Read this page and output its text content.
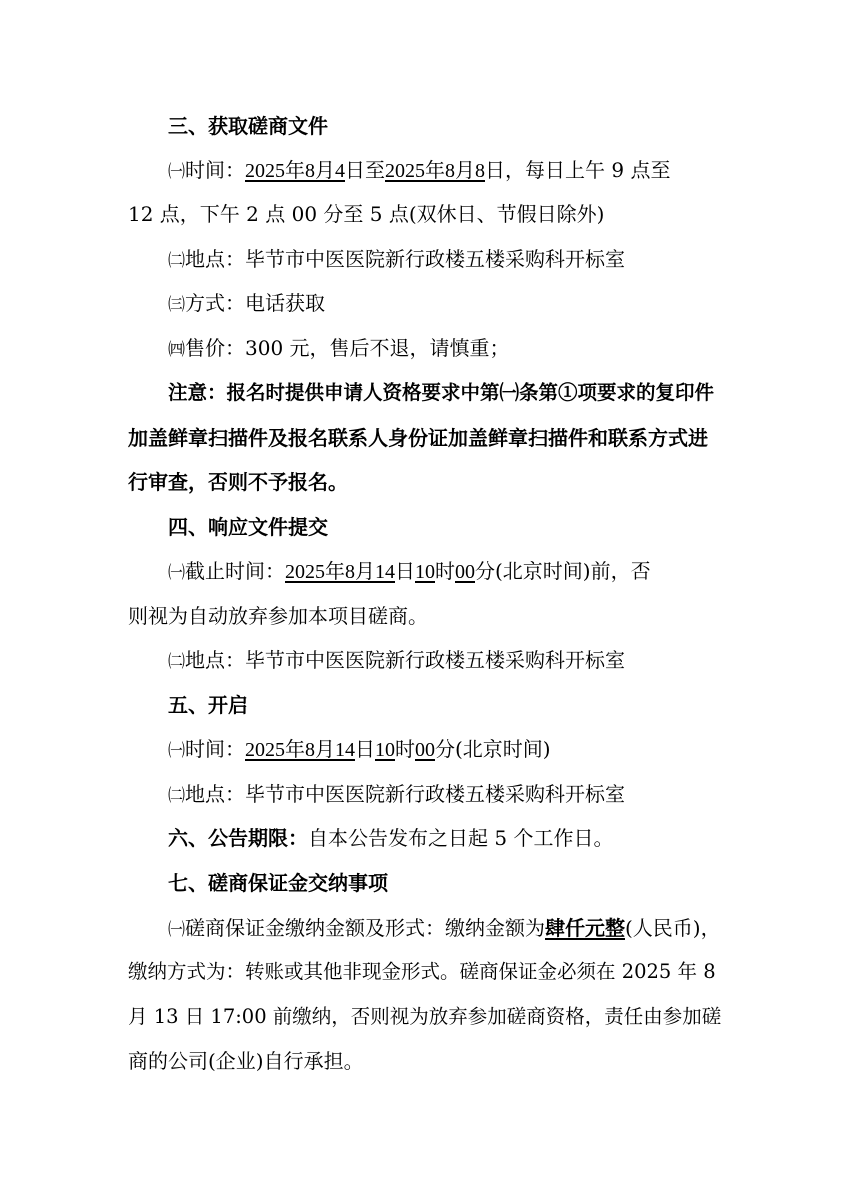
三、获取磋商文件
㈠时间：2025年8月4日至2025年8月8日，每日上午 9 点至
12 点，下午 2 点 00 分至 5 点(双休日、节假日除外)
㈡地点：毕节市中医医院新行政楼五楼采购科开标室
㈢方式：电话获取
㈣售价：300 元，售后不退，请慎重；
注意：报名时提供申请人资格要求中第㈠条第①项要求的复印件
加盖鲜章扫描件及报名联系人身份证加盖鲜章扫描件和联系方式进
行审查，否则不予报名。
四、响应文件提交
㈠截止时间：2025年8月14日10时00分(北京时间)前，否
则视为自动放弃参加本项目磋商。
㈡地点：毕节市中医医院新行政楼五楼采购科开标室
五、开启
㈠时间：2025年8月14日10时00分(北京时间)
㈡地点：毕节市中医医院新行政楼五楼采购科开标室
六、公告期限：自本公告发布之日起 5 个工作日。
七、磋商保证金交纳事项
㈠磋商保证金缴纳金额及形式：缴纳金额为肆仟元整(人民币)，
缴纳方式为：转账或其他非现金形式。磋商保证金必须在 2025 年 8
月 13 日 17:00 前缴纳，否则视为放弃参加磋商资格，责任由参加磋
商的公司(企业)自行承担。
